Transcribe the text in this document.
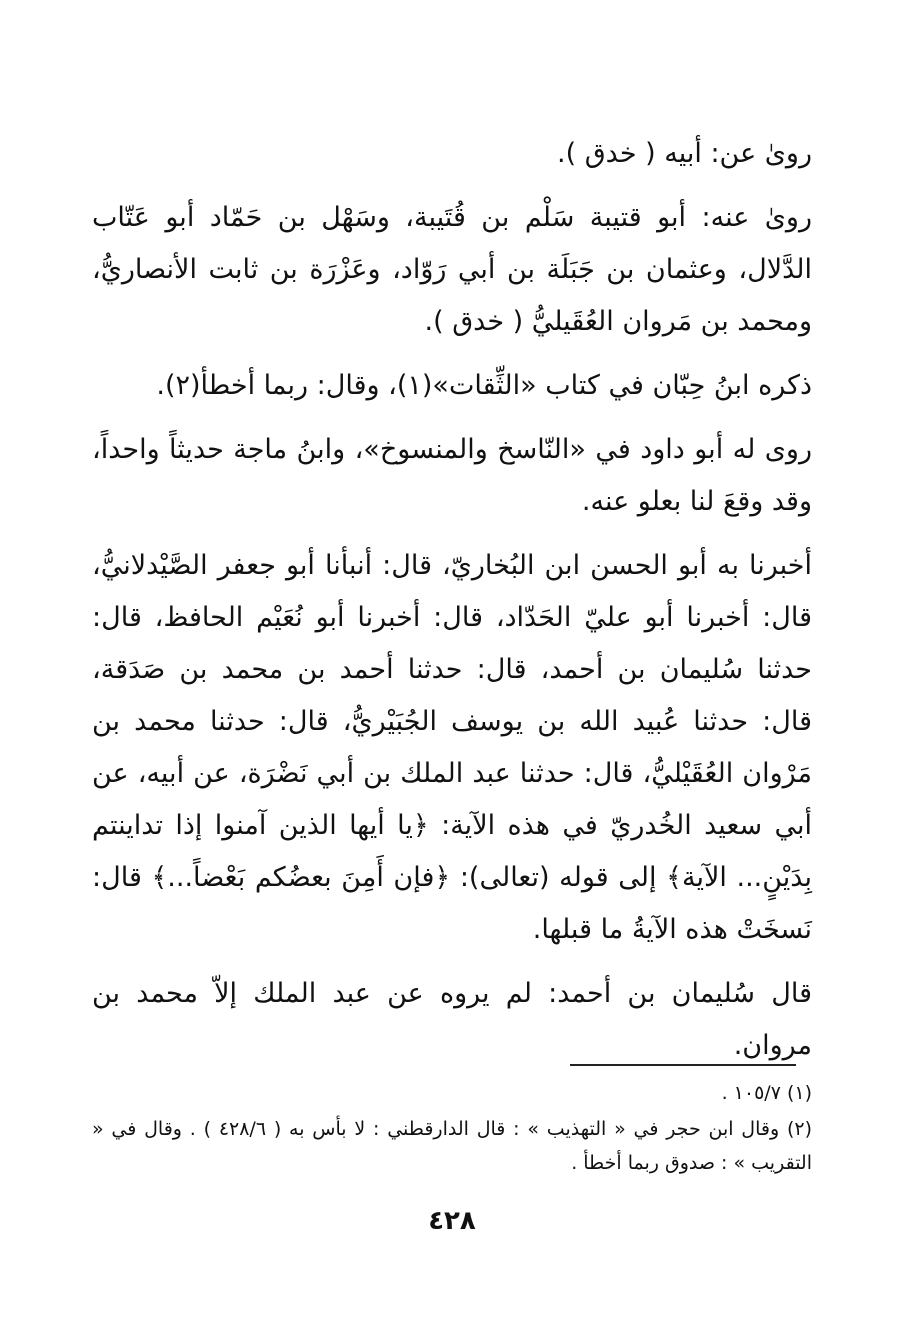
رویٰ عن: أبیه ( خدق ).

رویٰ عنه: أبو قتیبة سَلْم بن قُتَیبة، وسَهْل بن حَمّاد أبو عَتّاب الدَّلال، وعثمان بن جَبَلَة بن أبي رَوّاد، وعَزْرَة بن ثابت الأنصاريُّ، ومحمد بن مَروان العُقَیليُّ ( خدق ).

ذكره ابنُ حِبّان في كتاب «الثِّقات»(١)، وقال: ربما أخطأ(٢).

روى له أبو داود في «النّاسخ والمنسوخ»، وابنُ ماجة حديثاً واحداً، وقد وقعَ لنا بعلو عنه.

أخبرنا به أبو الحسن ابن البُخاريّ، قال: أنبأنا أبو جعفر الصَّيْدلانيُّ، قال: أخبرنا أبو عليّ الحَدّاد، قال: أخبرنا أبو نُعَيْم الحافظ، قال: حدثنا سُليمان بن أحمد، قال: حدثنا أحمد بن محمد بن صَدَقة، قال: حدثنا عُبيد الله بن يوسف الجُبَيْريُّ، قال: حدثنا محمد بن مَرْوان العُقَيْليُّ، قال: حدثنا عبد الملك بن أبي نَضْرَة، عن أبيه، عن أبي سعيد الخُدريّ في هذه الآية: ﴿يا أيها الذين آمنوا إذا تداينتم بِدَيْنٍ... الآية﴾ إلى قوله (تعالى): ﴿فإن أَمِنَ بعضُكم بَعْضاً...﴾ قال: نَسخَتْ هذه الآيةُ ما قبلها.

قال سُليمان بن أحمد: لم يروه عن عبد الملك إلاّ محمد بن مروان.

(١) ١٠٥/٧ .

(٢) وقال ابن حجر في « التهذيب » : قال الدارقطني : لا بأس به ( ٤٢٨/٦ ) . وقال في « التقريب » : صدوق ربما أخطأ .

٤٢٨
